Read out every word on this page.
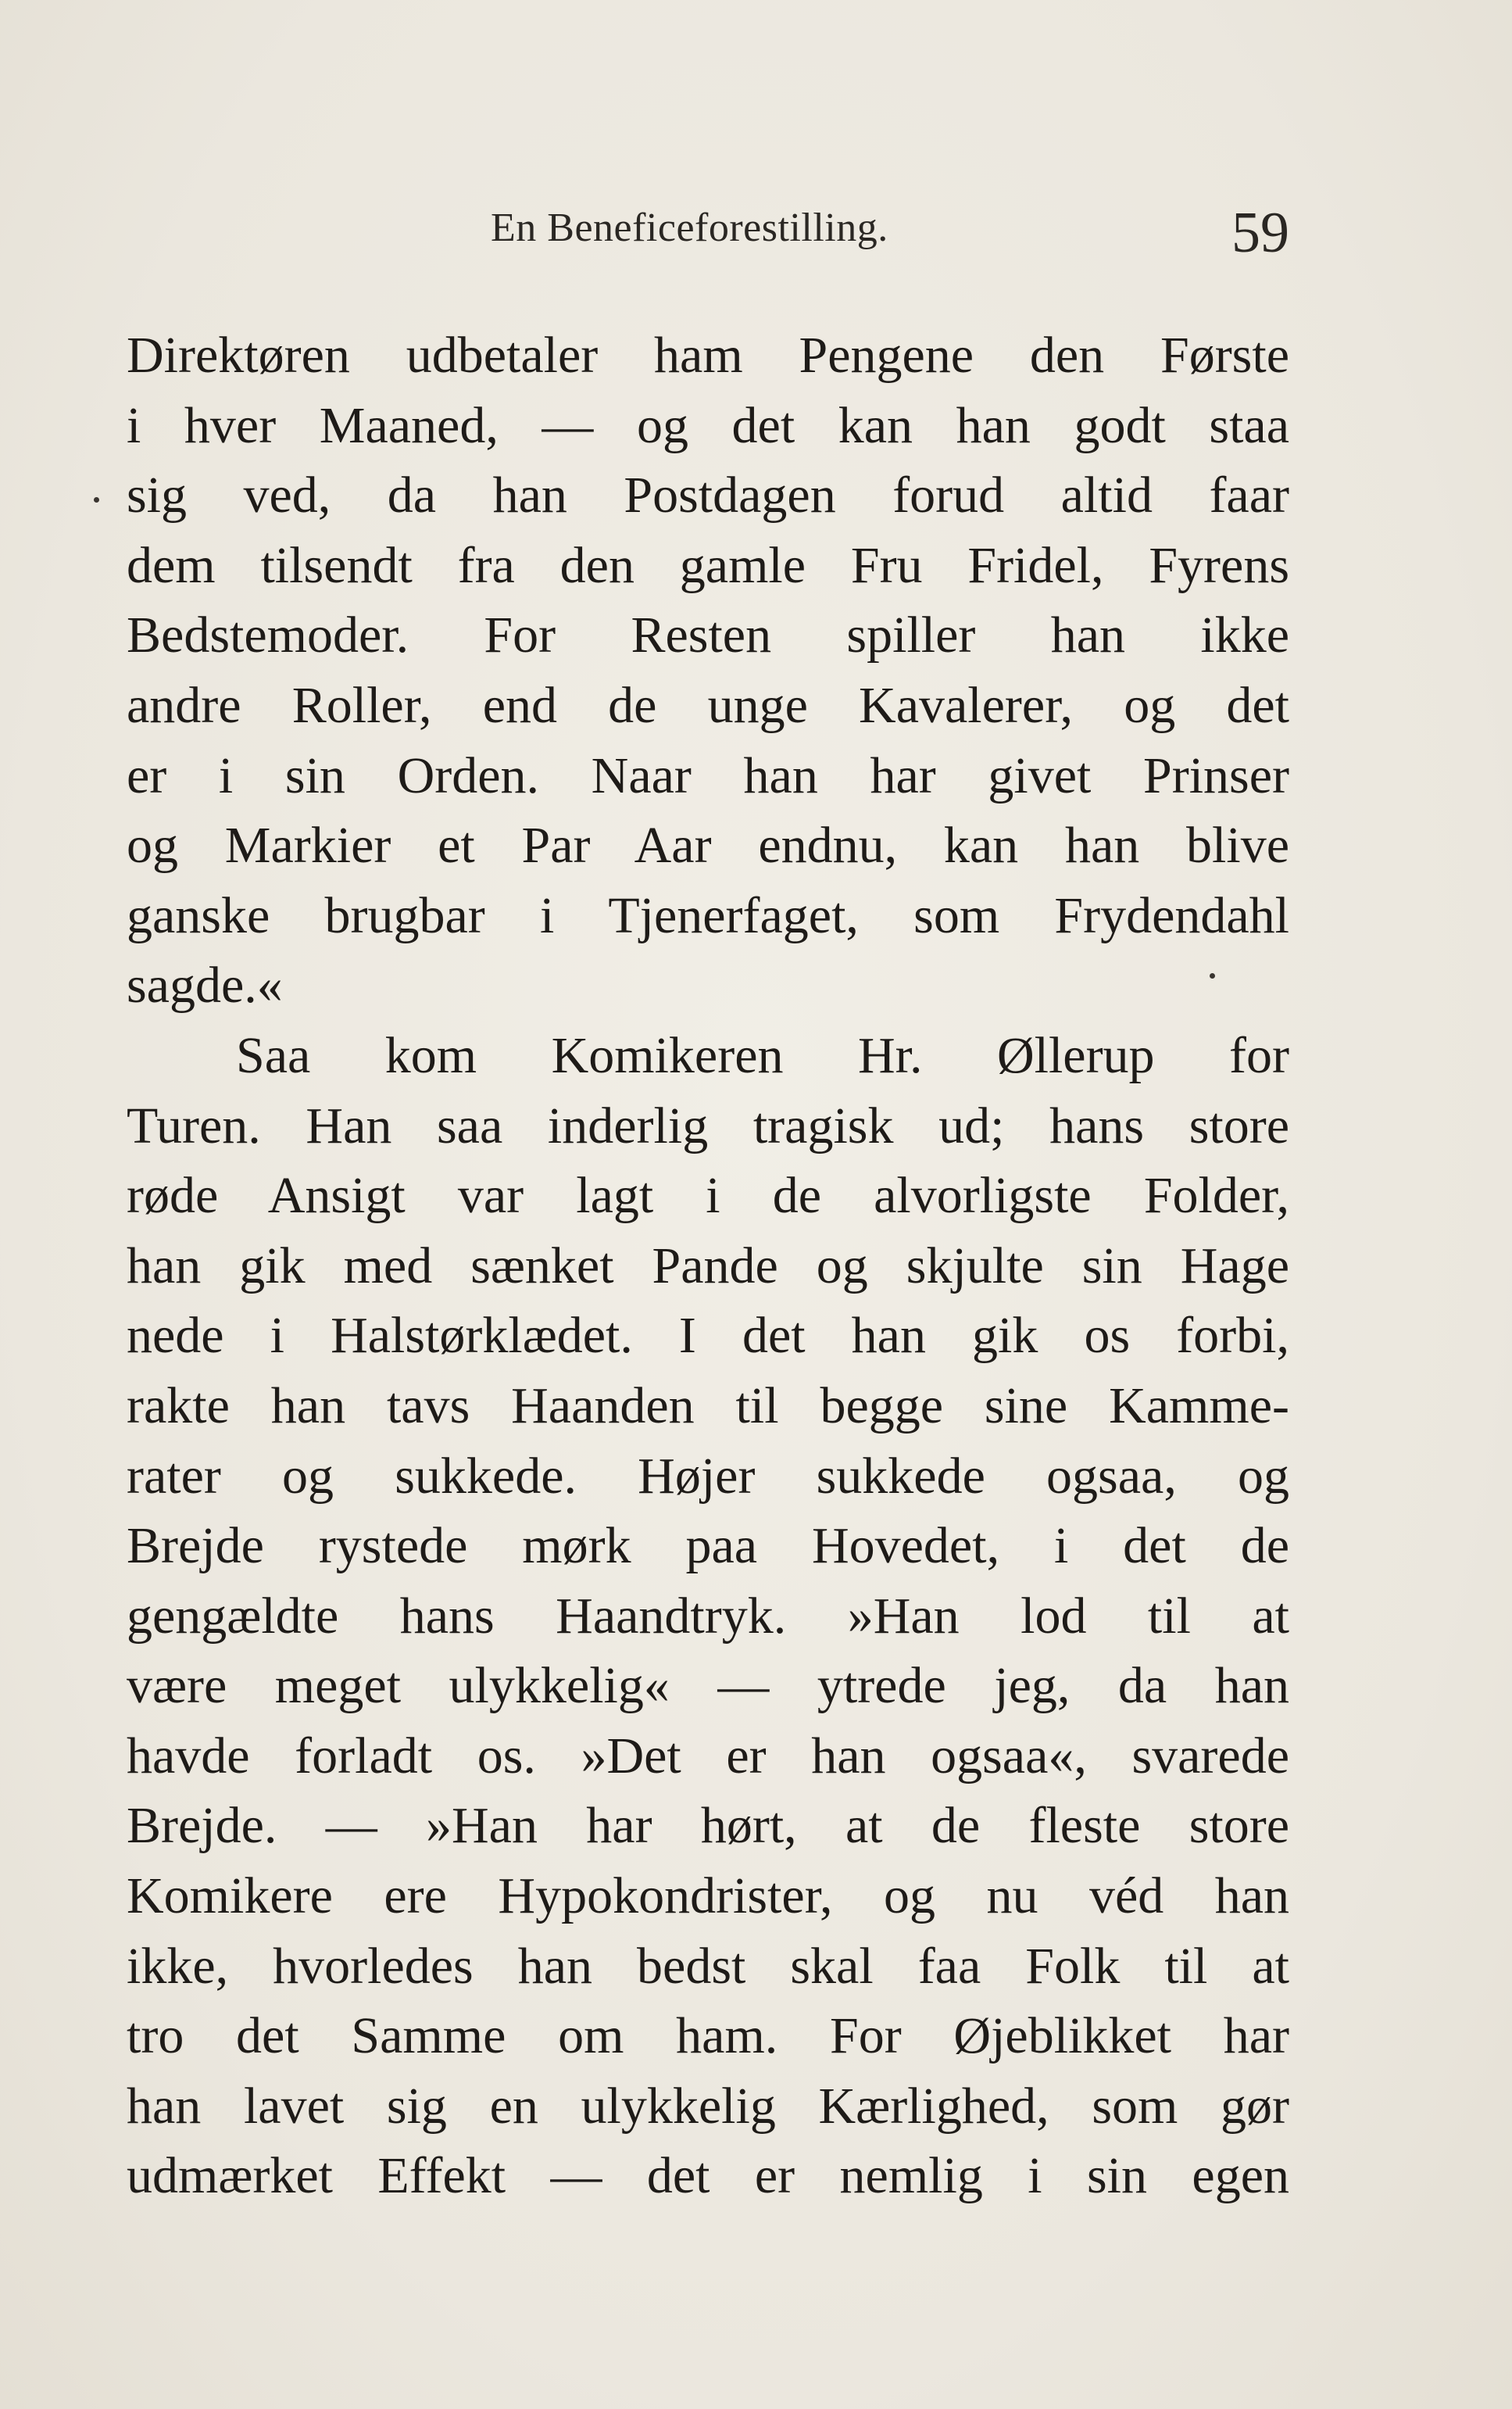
En Beneficeforestilling.	59
Direktøren udbetaler ham Pengene den Første
i hver Maaned, — og det kan han godt staa
sig ved, da han Postdagen forud altid faar
dem tilsendt fra den gamle Fru Fridel, Fyrens
Bedstemoder. For Resten spiller han ikke
andre Roller, end de unge Kavalerer, og det
er i sin Orden. Naar han har givet Prinser
og Markier et Par Aar endnu, kan han blive
ganske brugbar i Tjenerfaget, som Frydendahl
sagde.«
Saa kom Komikeren Hr. Øllerup for
Turen. Han saa inderlig tragisk ud; hans store
røde Ansigt var lagt i de alvorligste Folder,
han gik med sænket Pande og skjulte sin Hage
nede i Halstørklædet. I det han gik os forbi,
rakte han tavs Haanden til begge sine Kamme-
rater og sukkede. Højer sukkede ogsaa, og
Brejde rystede mørk paa Hovedet, i det de
gengældte hans Haandtryk. »Han lod til at
være meget ulykkelig« — ytrede jeg, da han
havde forladt os. »Det er han ogsaa«, svarede
Brejde. — »Han har hørt, at de fleste store
Komikere ere Hypokondrister, og nu véd han
ikke, hvorledes han bedst skal faa Folk til at
tro det Samme om ham. For Øjeblikket har
han lavet sig en ulykkelig Kærlighed, som gør
udmærket Effekt — det er nemlig i sin egen
